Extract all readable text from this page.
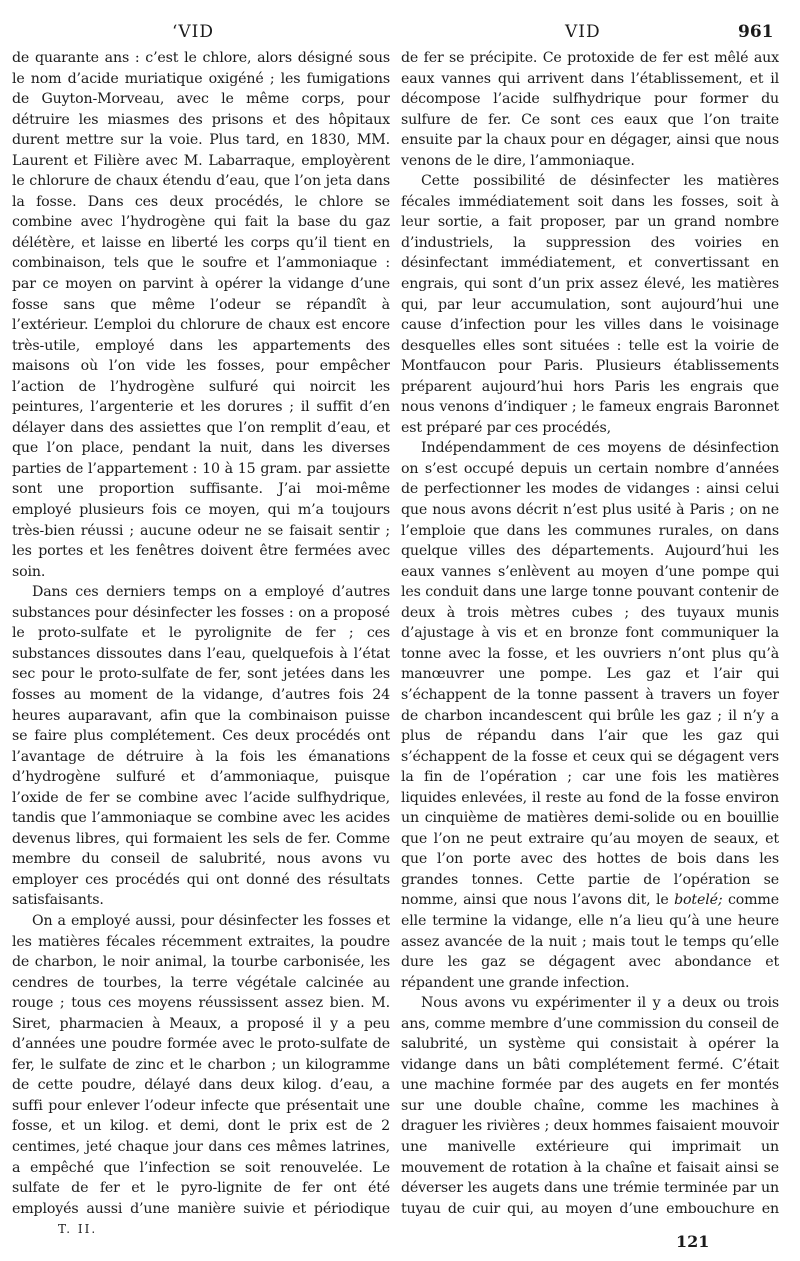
‘VID	VID	961

de quarante ans : c’est le chlore, alors désigné sous le nom d’acide muriatique oxigéné ; les fumigations de Guyton-Morveau, avec le même corps, pour détruire les miasmes des prisons et des hôpitaux durent mettre sur la voie. Plus tard, en 1830, MM. Laurent et Filière avec M. Labarraque, employèrent le chlorure de chaux étendu d’eau, que l’on jeta dans la fosse. Dans ces deux procédés, le chlore se combine avec l’hydrogène qui fait la base du gaz délétère, et laisse en liberté les corps qu’il tient en combinaison, tels que le soufre et l’ammoniaque : par ce moyen on parvint à opérer la vidange d’une fosse sans que même l’odeur se répandît à l’extérieur. L’emploi du chlorure de chaux est encore très-utile, employé dans les appartements des maisons où l’on vide les fosses, pour empêcher l’action de l’hydrogène sulfuré qui noircit les peintures, l’argenterie et les dorures ; il suffit d’en délayer dans des assiettes que l’on remplit d’eau, et que l’on place, pendant la nuit, dans les diverses parties de l’appartement : 10 à 15 gram. par assiette sont une proportion suffisante. J’ai moi-même employé plusieurs fois ce moyen, qui m’a toujours très-bien réussi ; aucune odeur ne se faisait sentir ; les portes et les fenêtres doivent être fermées avec soin.

Dans ces derniers temps on a employé d’autres substances pour désinfecter les fosses : on a proposé le proto-sulfate et le pyrolignite de fer ; ces substances dissoutes dans l’eau, quelquefois à l’état sec pour le proto-sulfate de fer, sont jetées dans les fosses au moment de la vidange, d’autres fois 24 heures auparavant, afin que la combinaison puisse se faire plus complétement. Ces deux procédés ont l’avantage de détruire à la fois les émanations d’hydrogène sulfuré et d’ammoniaque, puisque l’oxide de fer se combine avec l’acide sulfhydrique, tandis que l’ammoniaque se combine avec les acides devenus libres, qui formaient les sels de fer. Comme membre du conseil de salubrité, nous avons vu employer ces procédés qui ont donné des résultats satisfaisants.

On a employé aussi, pour désinfecter les fosses et les matières fécales récemment extraites, la poudre de charbon, le noir animal, la tourbe carbonisée, les cendres de tourbes, la terre végétale calcinée au rouge ; tous ces moyens réussissent assez bien. M. Siret, pharmacien à Meaux, a proposé il y a peu d’années une poudre formée avec le proto-sulfate de fer, le sulfate de zinc et le charbon ; un kilogramme de cette poudre, délayé dans deux kilog. d’eau, a suffi pour enlever l’odeur infecte que présentait une fosse, et un kilog. et demi, dont le prix est de 2 centimes, jeté chaque jour dans ces mêmes latrines, a empêché que l’infection se soit renouvelée. Le sulfate de fer et le pyro-lignite de fer ont été employés aussi d’une manière suivie et périodique

de fer se précipite. Ce protoxide de fer est mêlé aux eaux vannes qui arrivent dans l’établissement, et il décompose l’acide sulfhydrique pour former du sulfure de fer. Ce sont ces eaux que l’on traite ensuite par la chaux pour en dégager, ainsi que nous venons de le dire, l’ammoniaque.

Cette possibilité de désinfecter les matières fécales immédiatement soit dans les fosses, soit à leur sortie, a fait proposer, par un grand nombre d’industriels, la suppression des voiries en désinfectant immédiatement, et convertissant en engrais, qui sont d’un prix assez élevé, les matières qui, par leur accumulation, sont aujourd’hui une cause d’infection pour les villes dans le voisinage desquelles elles sont situées : telle est la voirie de Montfaucon pour Paris. Plusieurs établissements préparent aujourd’hui hors Paris les engrais que nous venons d’indiquer ; le fameux engrais Baronnet est préparé par ces procédés,

Indépendamment de ces moyens de désinfection on s’est occupé depuis un certain nombre d’années de perfectionner les modes de vidanges : ainsi celui que nous avons décrit n’est plus usité à Paris ; on ne l’emploie que dans les communes rurales, on dans quelque villes des départements. Aujourd’hui les eaux vannes s’enlèvent au moyen d’une pompe qui les conduit dans une large tonne pouvant contenir de deux à trois mètres cubes ; des tuyaux munis d’ajustage à vis et en bronze font communiquer la tonne avec la fosse, et les ouvriers n’ont plus qu’à manœuvrer une pompe. Les gaz et l’air qui s’échappent de la tonne passent à travers un foyer de charbon incandescent qui brûle les gaz ; il n’y a plus de répandu dans l’air que les gaz qui s’échappent de la fosse et ceux qui se dégagent vers la fin de l’opération ; car une fois les matières liquides enlevées, il reste au fond de la fosse environ un cinquième de matières demi-solide ou en bouillie que l’on ne peut extraire qu’au moyen de seaux, et que l’on porte avec des hottes de bois dans les grandes tonnes. Cette partie de l’opération se nomme, ainsi que nous l’avons dit, le botelé; comme elle termine la vidange, elle n’a lieu qu’à une heure assez avancée de la nuit ; mais tout le temps qu’elle dure les gaz se dégagent avec abondance et répandent une grande infection.

Nous avons vu expérimenter il y a deux ou trois ans, comme membre d’une commission du conseil de salubrité, un système qui consistait à opérer la vidange dans un bâti complétement fermé. C’était une machine formée par des augets en fer montés sur une double chaîne, comme les machines à draguer les rivières ; deux hommes faisaient mouvoir une manivelle extérieure qui imprimait un mouvement de rotation à la chaîne et faisait ainsi se déverser les augets dans une trémie terminée par un tuyau de cuir qui, au moyen d’une embouchure en

T. II.
121
